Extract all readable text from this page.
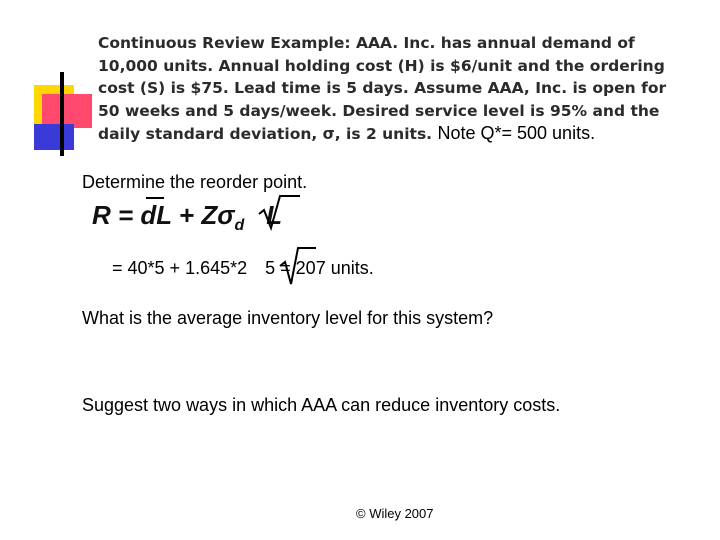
Continuous Review Example: AAA. Inc. has annual demand of
10,000 units. Annual holding cost (H) is $6/unit and the ordering
cost (S) is $75. Lead time is 5 days. Assume AAA, Inc. is open for
50 weeks and 5 days/week. Desired service level is 95% and the
daily standard deviation, σ, is 2 units. Note Q*= 500 units.
Determine the reorder point.
R = dL + $Z\sigma_d$ L
= 40*5 + 1.645*2 5 = 207 units.
What is the average inventory level for this system?
Suggest two ways in which AAA can reduce inventory costs.
© Wiley 2007
